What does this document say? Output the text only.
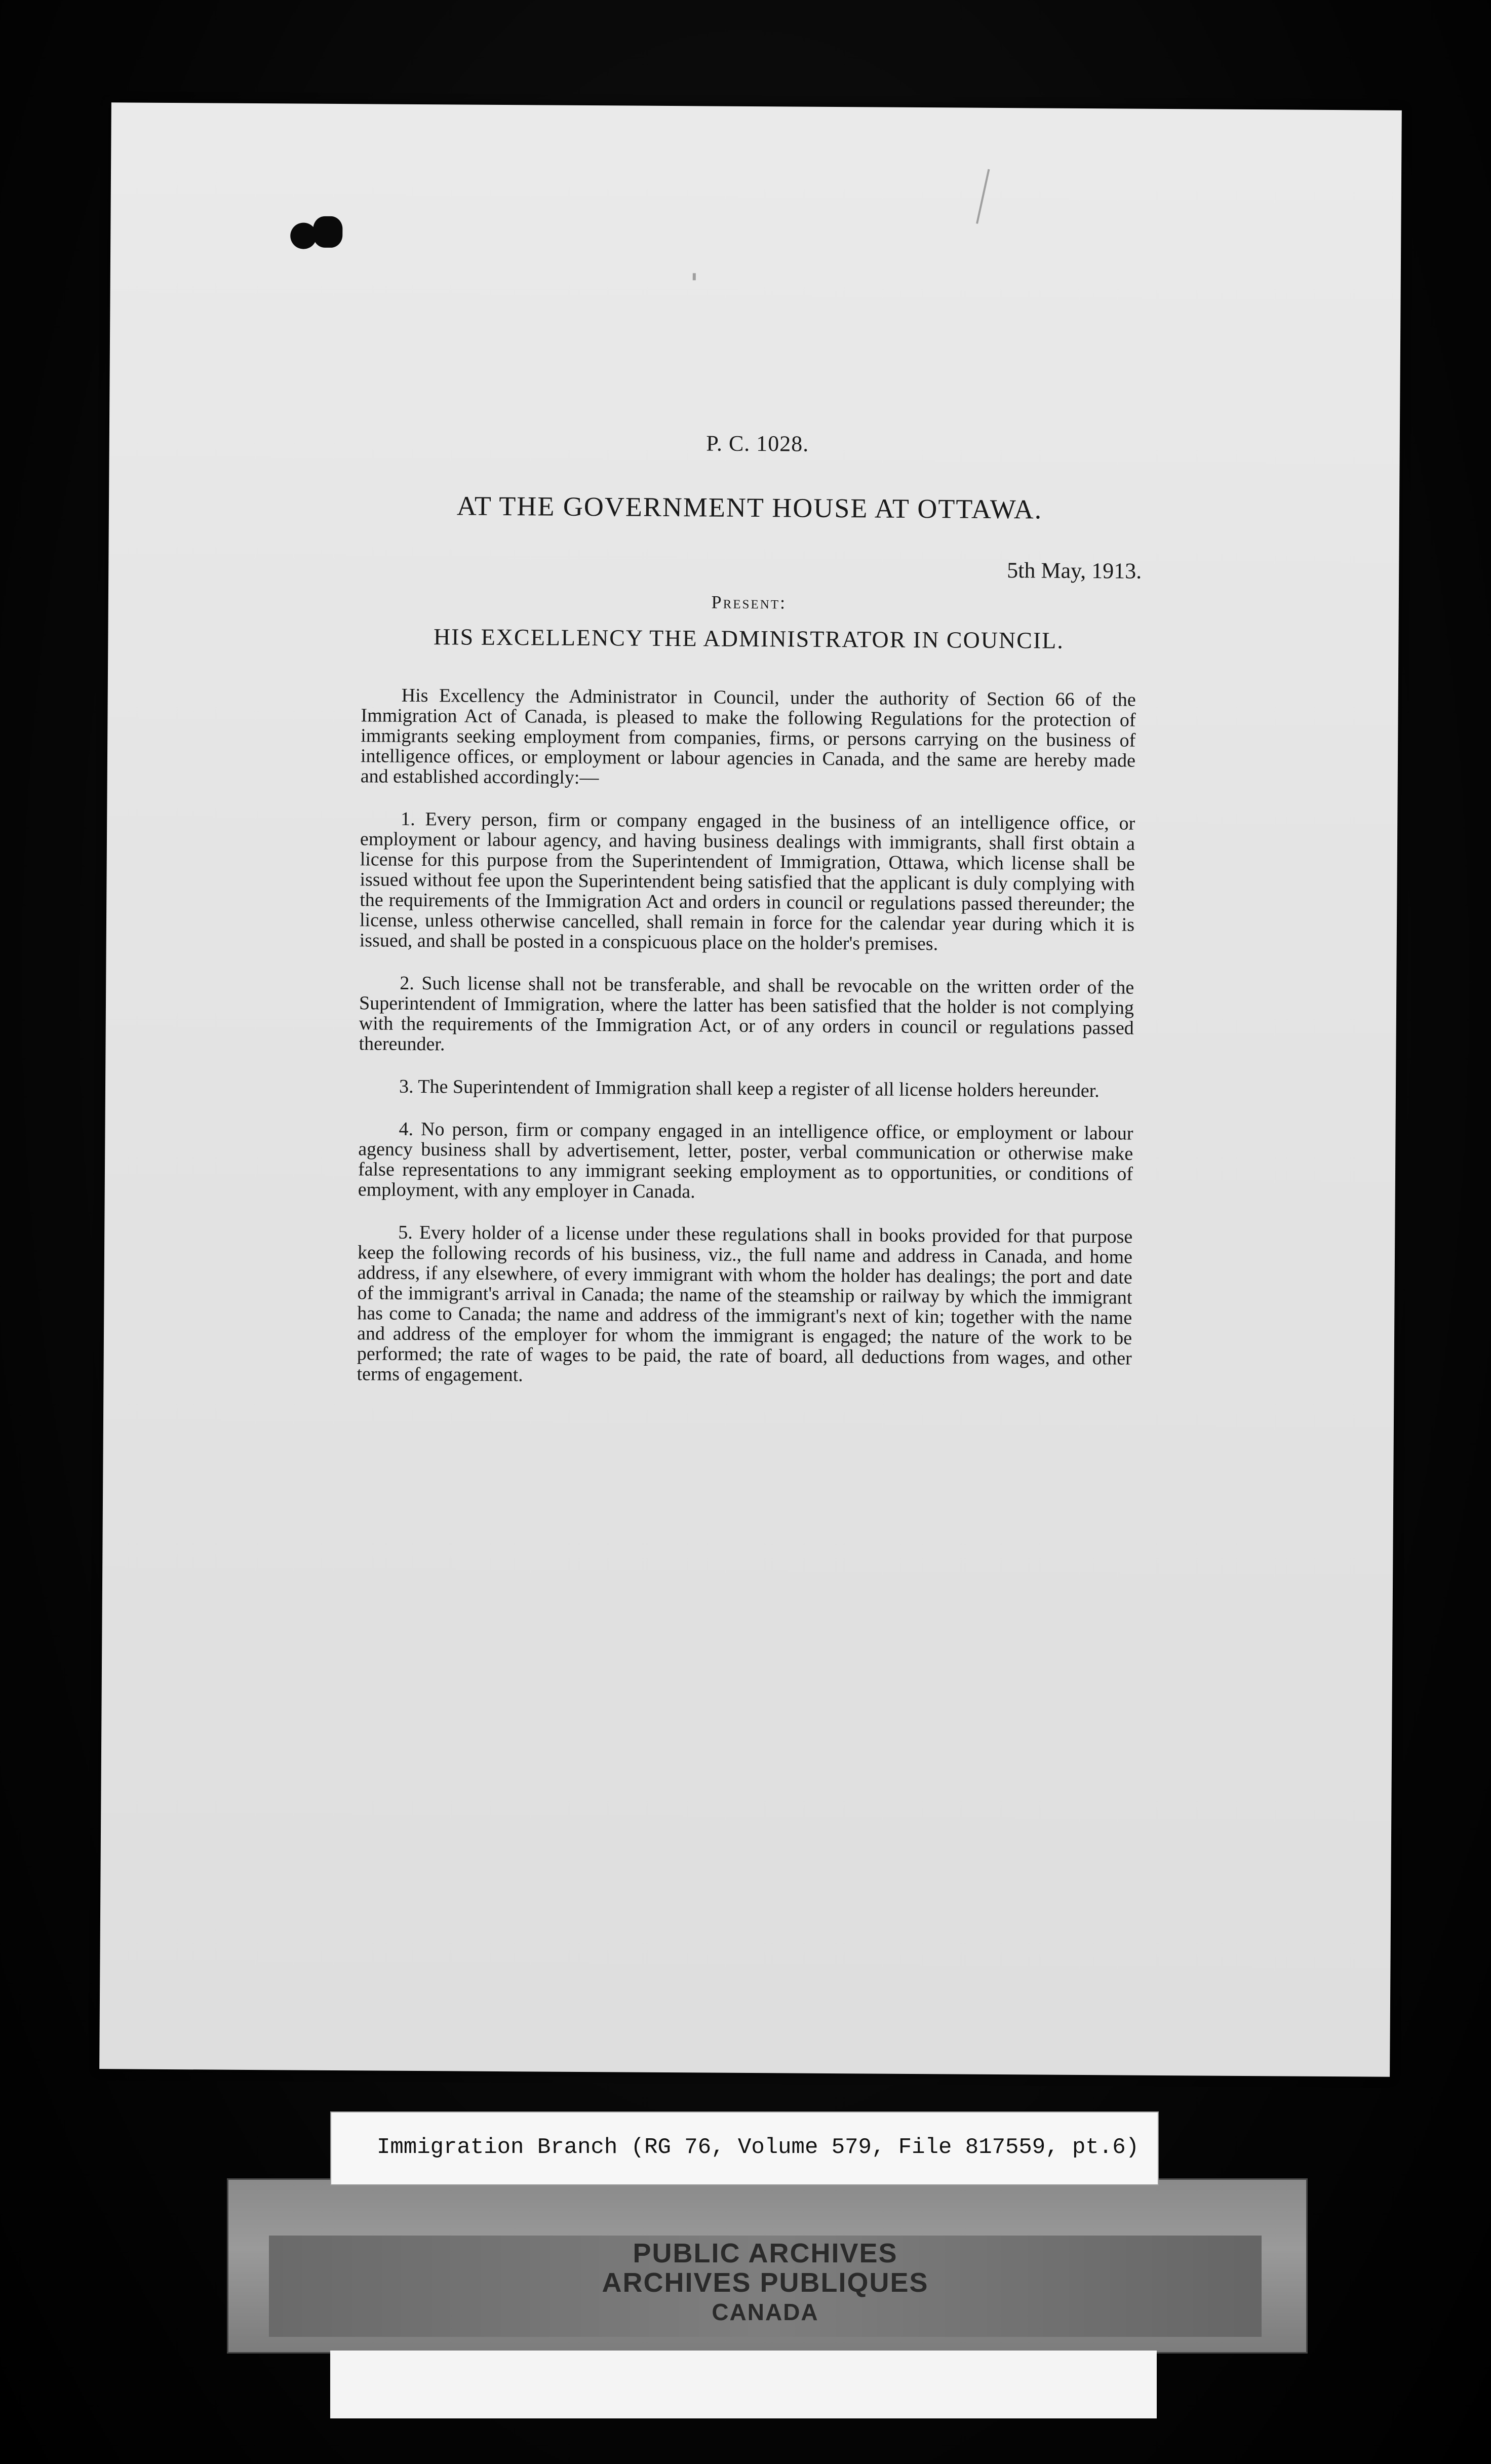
P. C. 1028.
AT THE GOVERNMENT HOUSE AT OTTAWA.
5th May, 1913.
Present:
HIS EXCELLENCY THE ADMINISTRATOR IN COUNCIL.

His Excellency the Administrator in Council, under the authority of Section 66 of the Immigration Act of Canada, is pleased to make the following Regulations for the protection of immigrants seeking employment from companies, firms, or persons carrying on the business of intelligence offices, or employment or labour agencies in Canada, and the same are hereby made and established accordingly:—

1. Every person, firm or company engaged in the business of an intelligence office, or employment or labour agency, and having business dealings with immigrants, shall first obtain a license for this purpose from the Superintendent of Immigration, Ottawa, which license shall be issued without fee upon the Superintendent being satisfied that the applicant is duly complying with the requirements of the Immigration Act and orders in council or regulations passed thereunder; the license, unless otherwise cancelled, shall remain in force for the calendar year during which it is issued, and shall be posted in a conspicuous place on the holder's premises.

2. Such license shall not be transferable, and shall be revocable on the written order of the Superintendent of Immigration, where the latter has been satisfied that the holder is not complying with the requirements of the Immigration Act, or of any orders in council or regulations passed thereunder.

3. The Superintendent of Immigration shall keep a register of all license holders hereunder.

4. No person, firm or company engaged in an intelligence office, or employment or labour agency business shall by advertisement, letter, poster, verbal communication or otherwise make false representations to any immigrant seeking employment as to opportunities, or conditions of employment, with any employer in Canada.

5. Every holder of a license under these regulations shall in books provided for that purpose keep the following records of his business, viz., the full name and address in Canada, and home address, if any elsewhere, of every immigrant with whom the holder has dealings; the port and date of the immigrant's arrival in Canada; the name of the steamship or railway by which the immigrant has come to Canada; the name and address of the immigrant's next of kin; together with the name and address of the employer for whom the immigrant is engaged; the nature of the work to be performed; the rate of wages to be paid, the rate of board, all deductions from wages, and other terms of engagement.

PUBLIC ARCHIVES
ARCHIVES PUBLIQUES
CANADA
Immigration Branch (RG 76, Volume 579, File 817559, pt.6)
